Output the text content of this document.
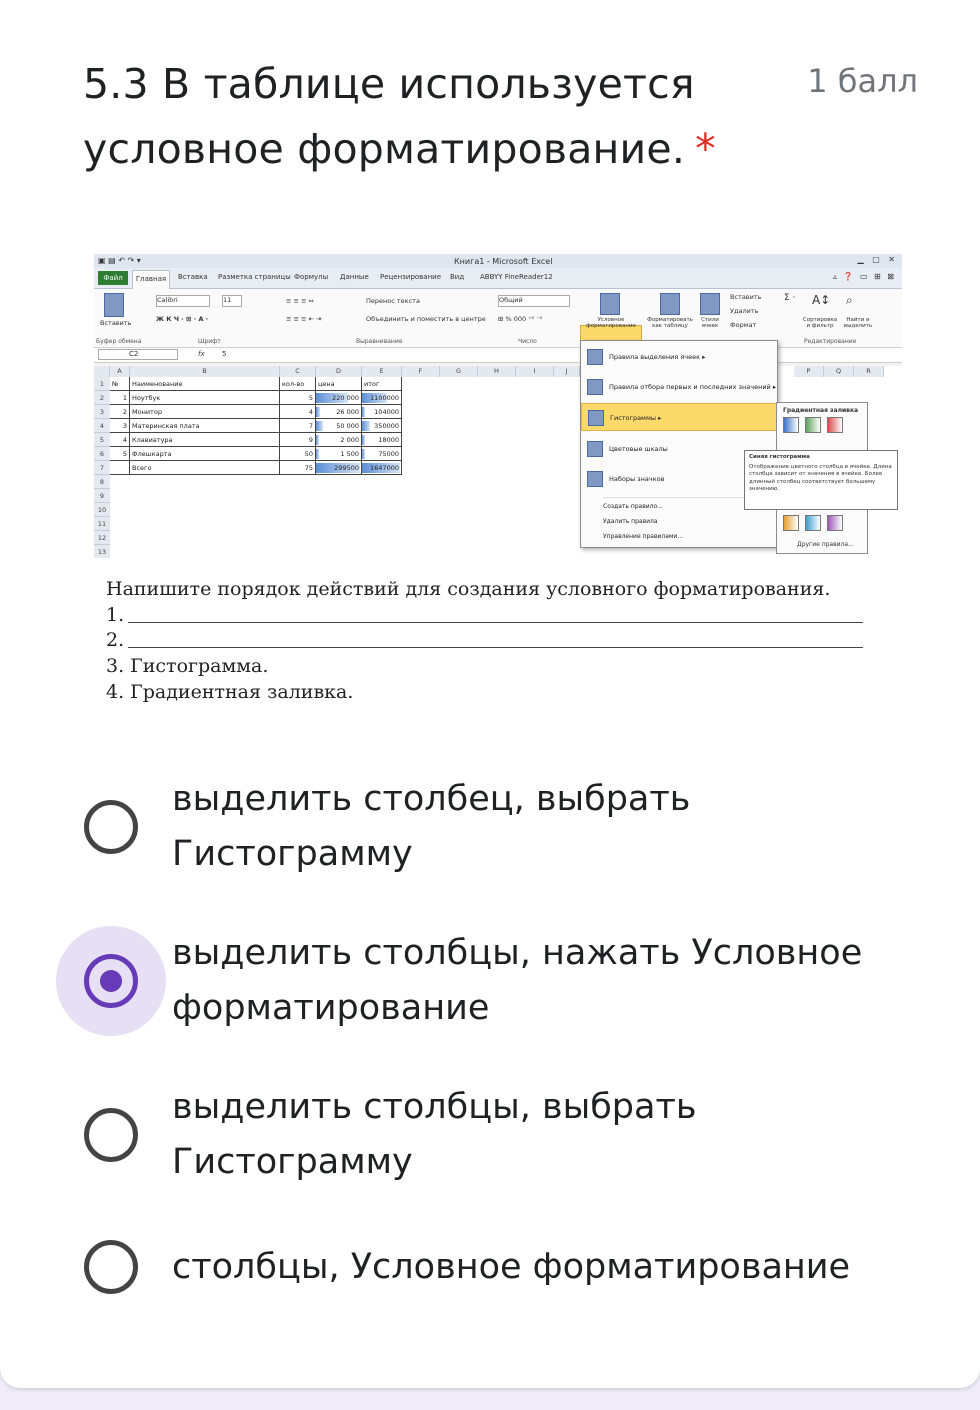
5.3 В таблице используется условное форматирование. *
1 балл
▣ ▤ ↶ ↷ ▾	Книга1 - Microsoft Excel	▁ ▢ ✕
Файл	Главная	Вставка Разметка страницы Формулы Данные Рецензирование Вид ABBYY FineReader12	▵ ❓ ▭ ⊞ ⊠
Вставить
Calibri	11
Ж К Ч · ⊞ · A ·
Перенос текста
Объединить и поместить в центре
≡ ≡ ≡ ⇔
≡ ≡ ≡ ⇤ ⇥
Общий
⊞ % 000 ⁺⁰ ⁻⁰	Условное форматирование
Форматировать как таблицу
Стили ячеек
Вставить
Удалить
Формат
Σ ·
Сортировка и фильтр
A↕ ⌕
Найти и выделить
Буфер обмена	Шрифт	Выравнивание	Число	Редактирование
C2	fx 5
A	B	C	D	E	F	G	H	I	J	P	Q	R
1
2
3
4
5
6
7
8
9
10
11
12
13
№	Наименование	кол-во	цена	итог
1 Ноутбук	5	220 000	1100000
2 Монитор	4	26 000	104000
3 Материнская плата	7	50 000	350000
4 Клавиатура	9	2 000	18000
5 Флешкарта	50	1 500	75000
Всего	75	299500	1647000
Правила выделения ячеек ▸
Правила отбора первых и последних значений ▸
Гистограммы ▸
Цветовые шкалы
Наборы значков
Создать правило...
Удалить правила
Управление правилами...
Градиентная заливка
Другие правила...
Синяя гистограмма
Отображение цветного столбца в ячейке. Длина столбца зависит от значения в ячейке. Более длинный столбец соответствует большему значению.
Напишите порядок действий для создания условного форматирования.
1.
2.
3. Гистограмма.
4. Градиентная заливка.
выделить столбец, выбрать Гистограмму
выделить столбцы, нажать Условное форматирование
выделить столбцы, выбрать Гистограмму
столбцы, Условное форматирование
